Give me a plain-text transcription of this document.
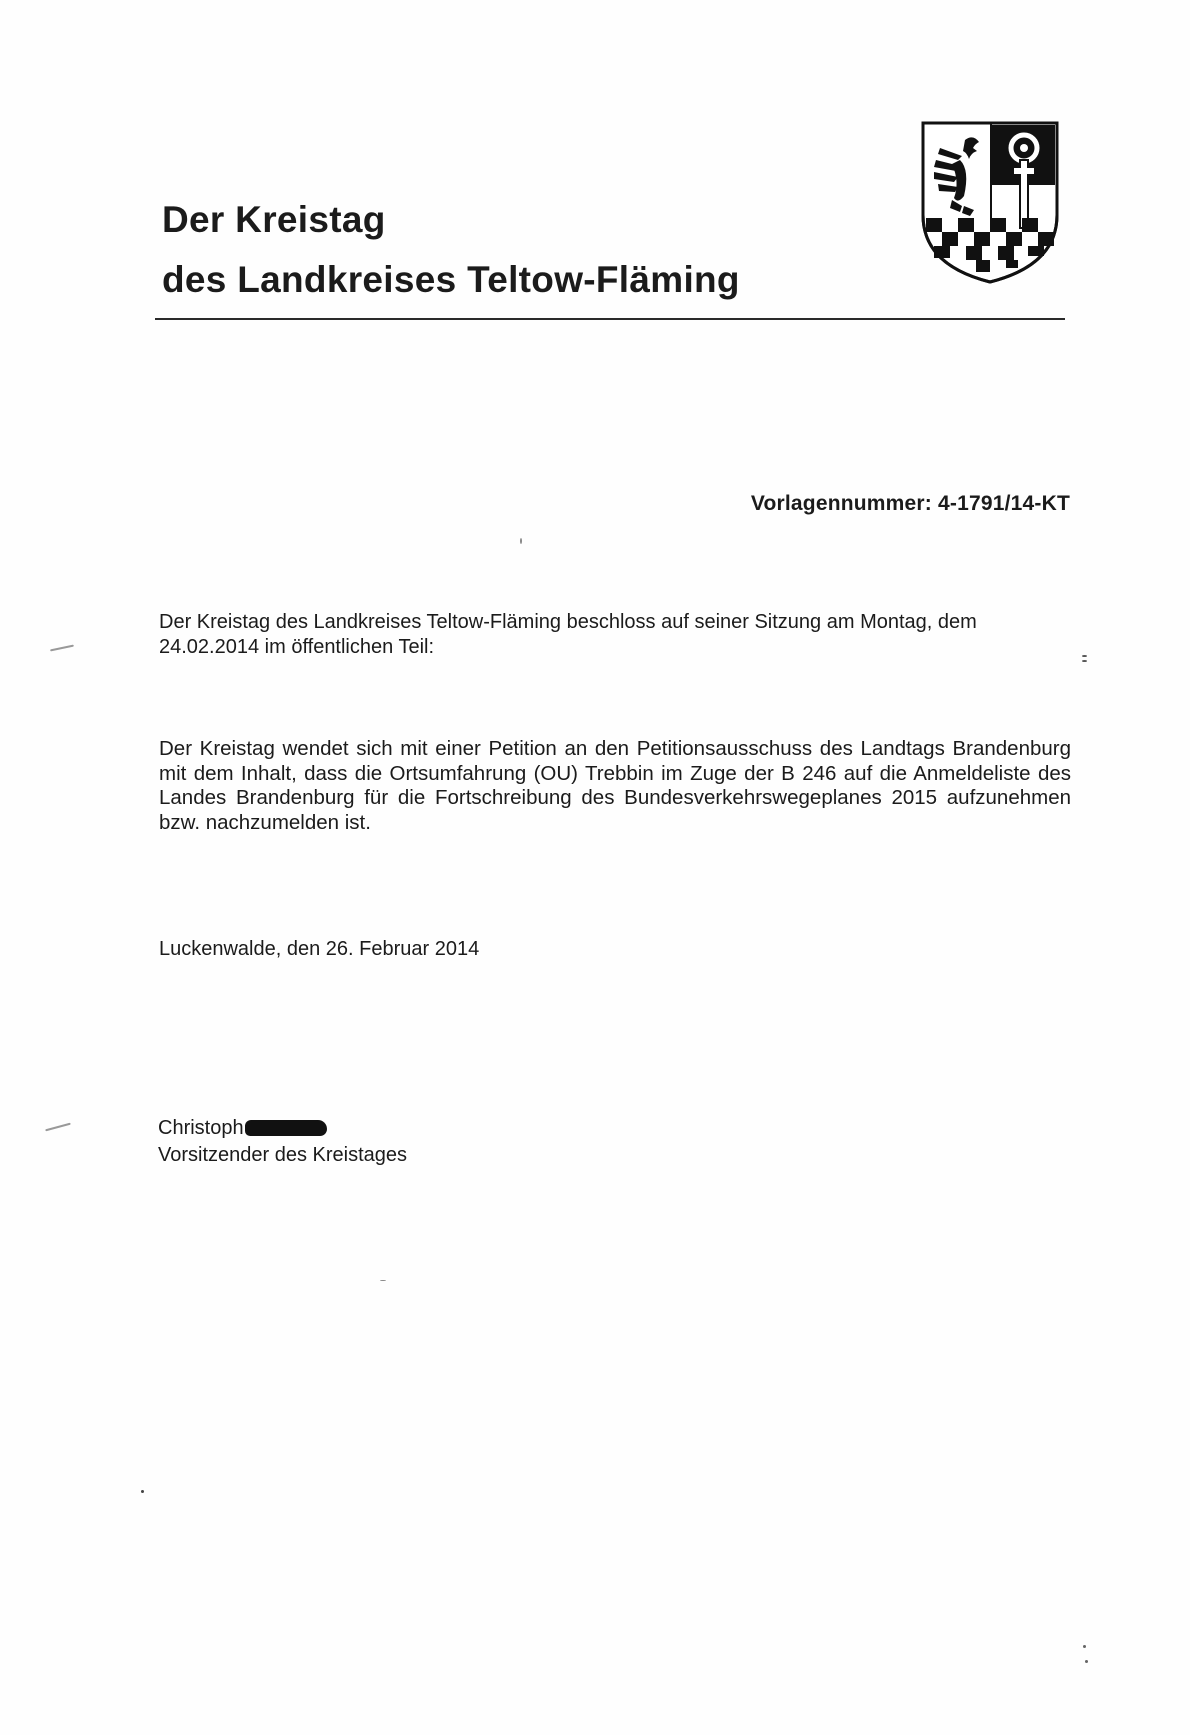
Der Kreistag
des Landkreises Teltow-Fläming
Vorlagennummer: 4-1791/14-KT
Der Kreistag des Landkreises Teltow-Fläming beschloss auf seiner Sitzung am Montag, dem 24.02.2014 im öffentlichen Teil:
Der Kreistag wendet sich mit einer Petition an den Petitionsausschuss des Landtags Brandenburg mit dem Inhalt, dass die Ortsumfahrung (OU) Trebbin im Zuge der B 246 auf die Anmeldeliste des Landes Brandenburg für die Fortschreibung des Bundesverkehrswegeplanes 2015 aufzunehmen bzw. nachzumelden ist.
Luckenwalde, den 26. Februar 2014
Christoph
Vorsitzender des Kreistages
